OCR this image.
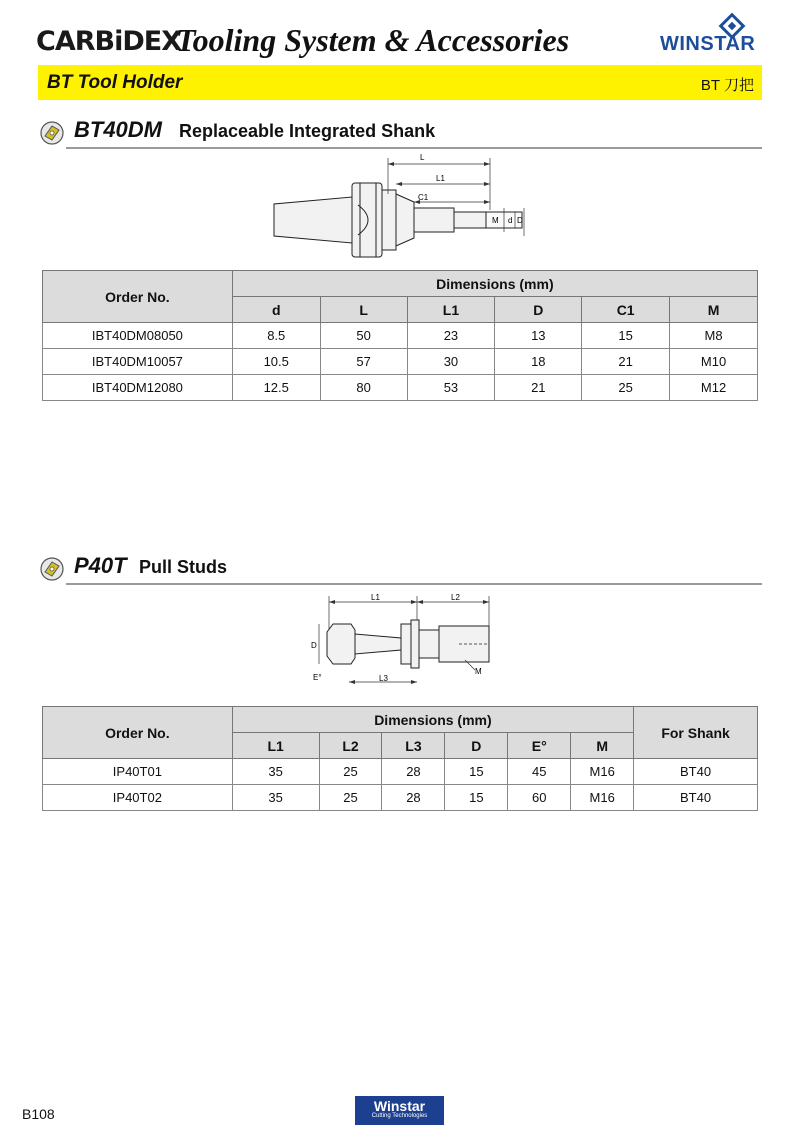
CARBiDEX
Tooling System & Accessories	WINSTAR
BT Tool Holder	BT 刀把
BT40DM Replaceable Integrated Shank
L
L1
C1
M d D
Order No.	Dimensions (mm)					
	d	L	L1	D	C1	M
IBT40DM08050	8.5	50	23	13	15	M8
IBT40DM10057	10.5	57	30	18	21	M10
IBT40DM12080	12.5	80	53	21	25	M12
P40T Pull Studs
L1	L2
D
E°	L3
M
Order No.	Dimensions (mm)						For Shank
	L1	L2	L3	D	E°	M	
IP40T01	35	25	28	15	45	M16	BT40
IP40T02	35	25	28	15	60	M16	BT40
B108	Winstar
Cutting Technologies
